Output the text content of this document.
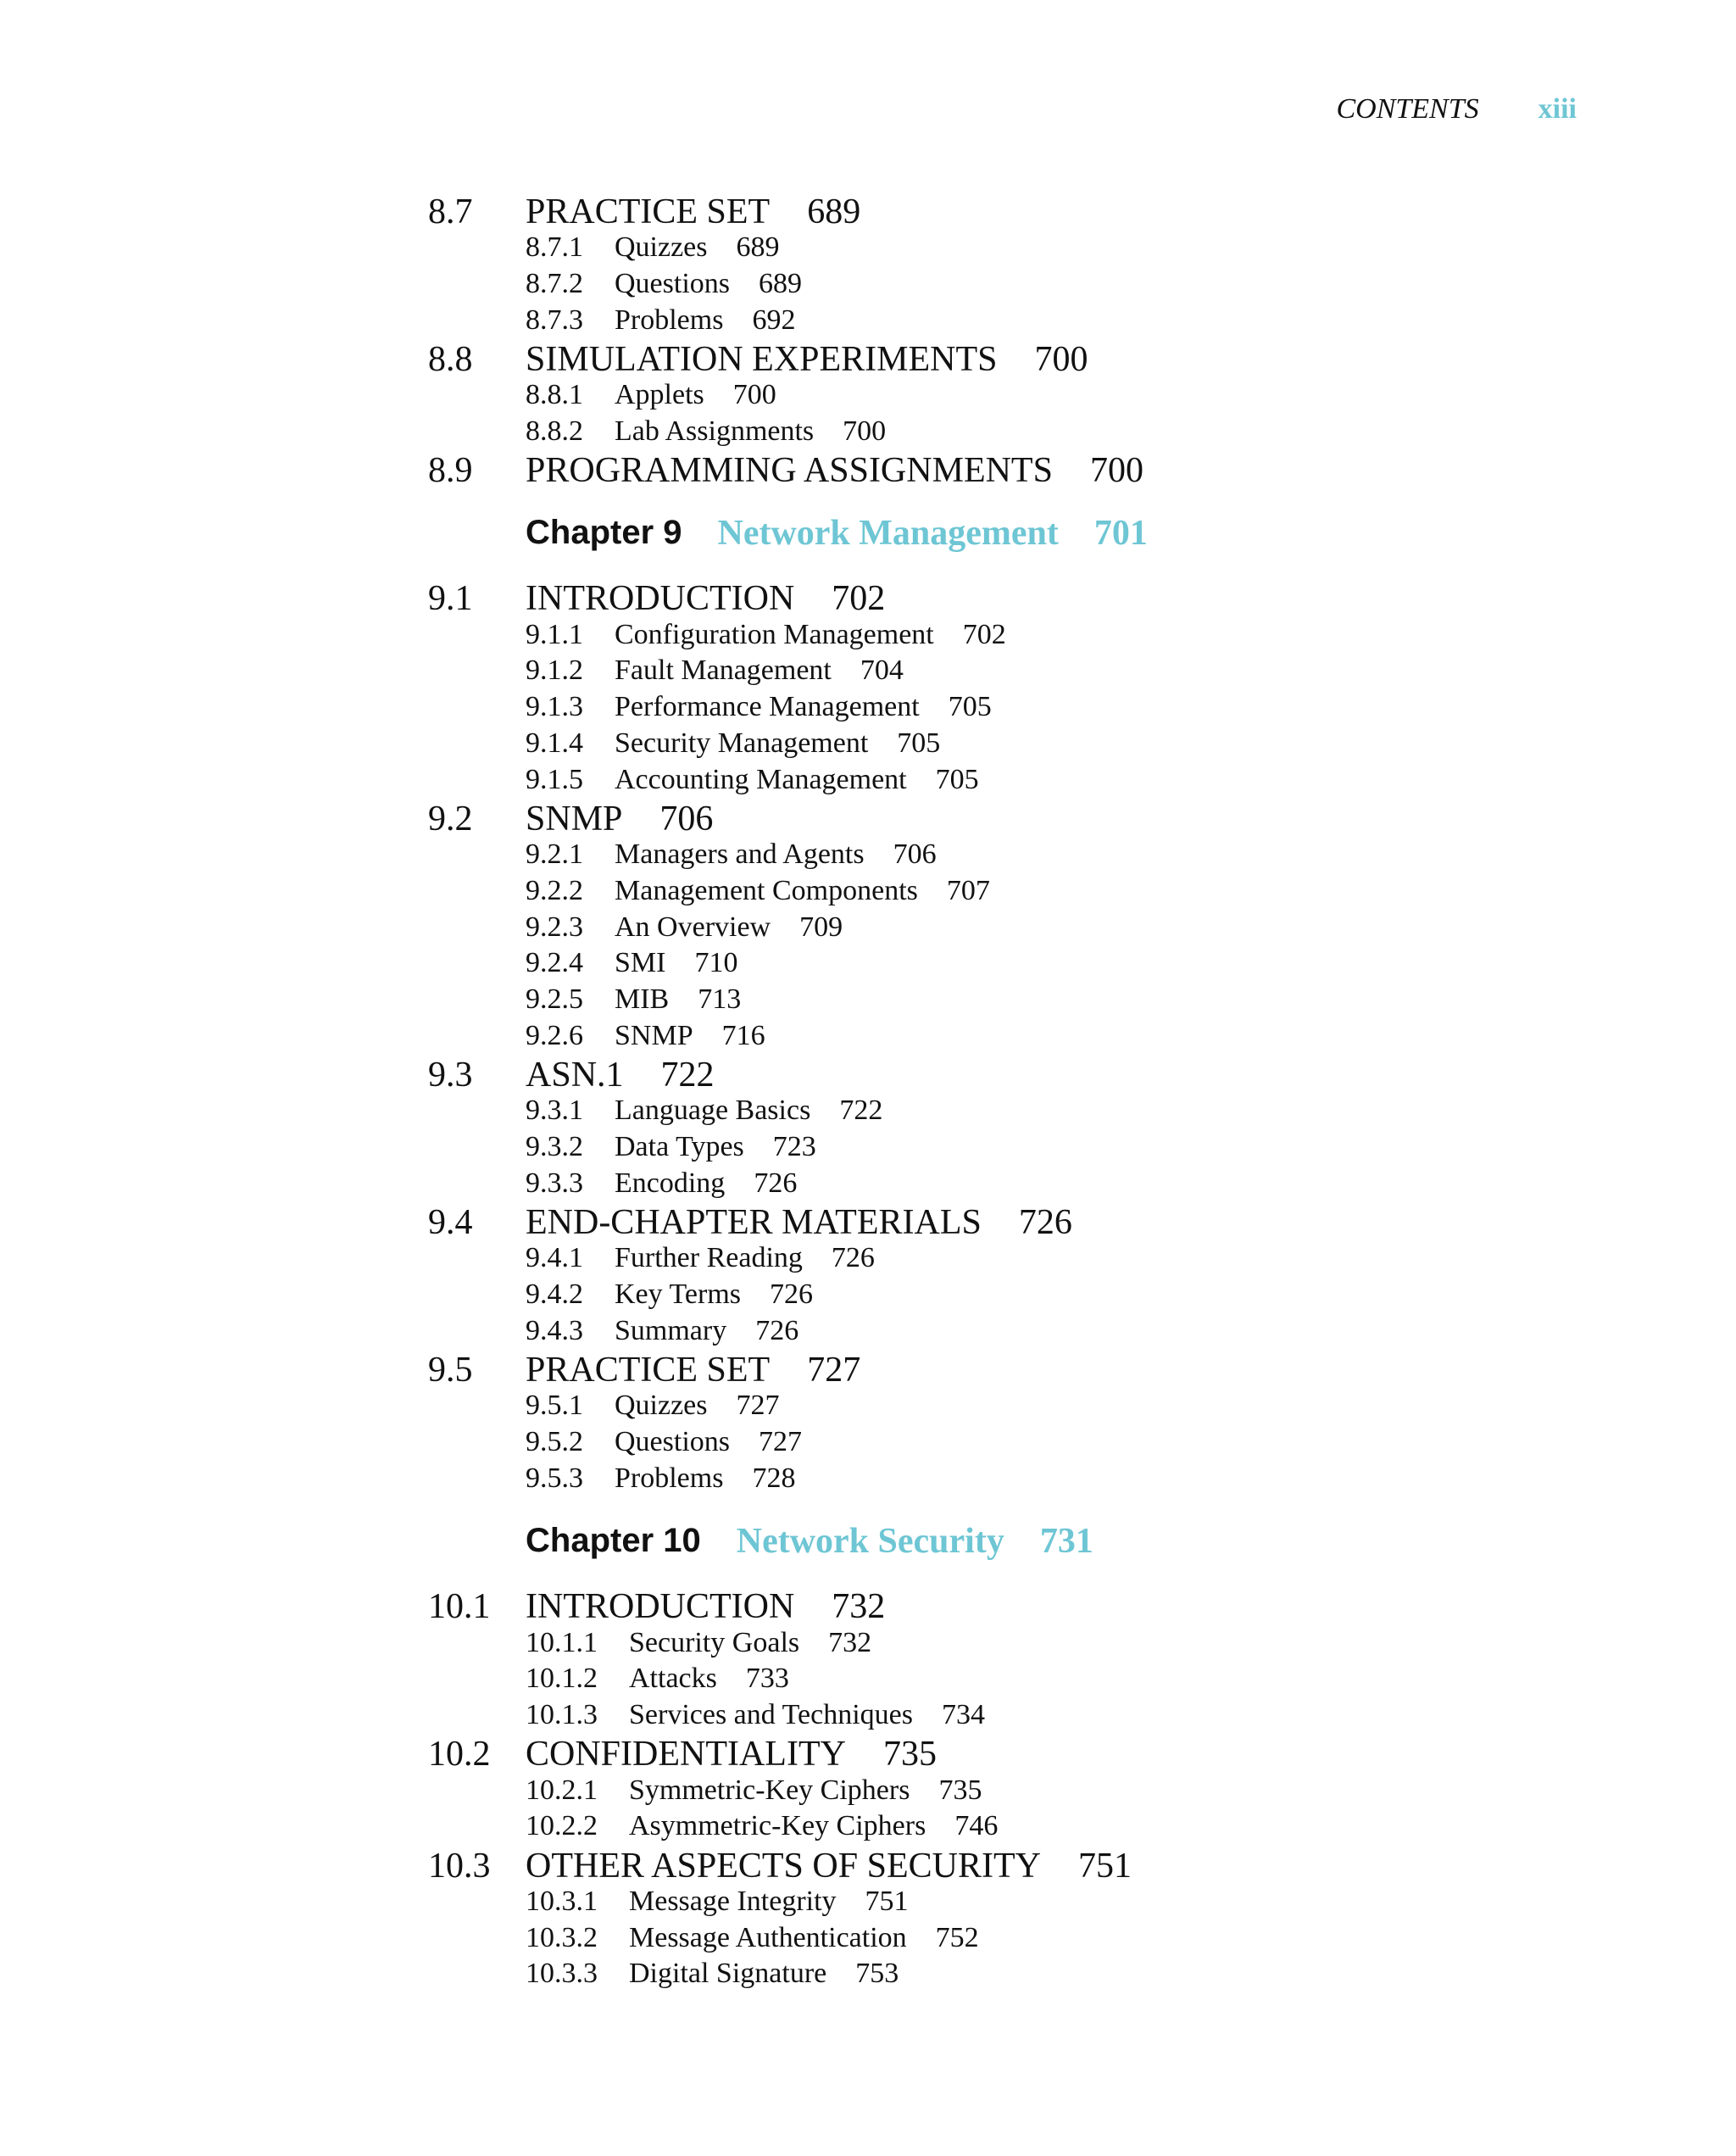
CONTENTS xiii
8.7	PRACTICE SET 689
8.7.1	Quizzes 689
8.7.2	Questions 689
8.7.3	Problems 692
8.8	SIMULATION EXPERIMENTS 700
8.8.1	Applets 700
8.8.2	Lab Assignments 700
8.9	PROGRAMMING ASSIGNMENTS 700
Chapter 9 Network Management 701
9.1	INTRODUCTION 702
9.1.1	Configuration Management 702
9.1.2	Fault Management 704
9.1.3	Performance Management 705
9.1.4	Security Management 705
9.1.5	Accounting Management 705
9.2	SNMP 706
9.2.1	Managers and Agents 706
9.2.2	Management Components 707
9.2.3	An Overview 709
9.2.4	SMI 710
9.2.5	MIB 713
9.2.6	SNMP 716
9.3	ASN.1 722
9.3.1	Language Basics 722
9.3.2	Data Types 723
9.3.3	Encoding 726
9.4	END-CHAPTER MATERIALS 726
9.4.1	Further Reading 726
9.4.2	Key Terms 726
9.4.3	Summary 726
9.5	PRACTICE SET 727
9.5.1	Quizzes 727
9.5.2	Questions 727
9.5.3	Problems 728
Chapter 10 Network Security 731
10.1 INTRODUCTION 732
10.1.1	Security Goals 732
10.1.2	Attacks 733
10.1.3	Services and Techniques 734
10.2 CONFIDENTIALITY 735
10.2.1	Symmetric-Key Ciphers 735
10.2.2	Asymmetric-Key Ciphers 746
10.3 OTHER ASPECTS OF SECURITY 751
10.3.1	Message Integrity 751
10.3.2	Message Authentication 752
10.3.3	Digital Signature 753
